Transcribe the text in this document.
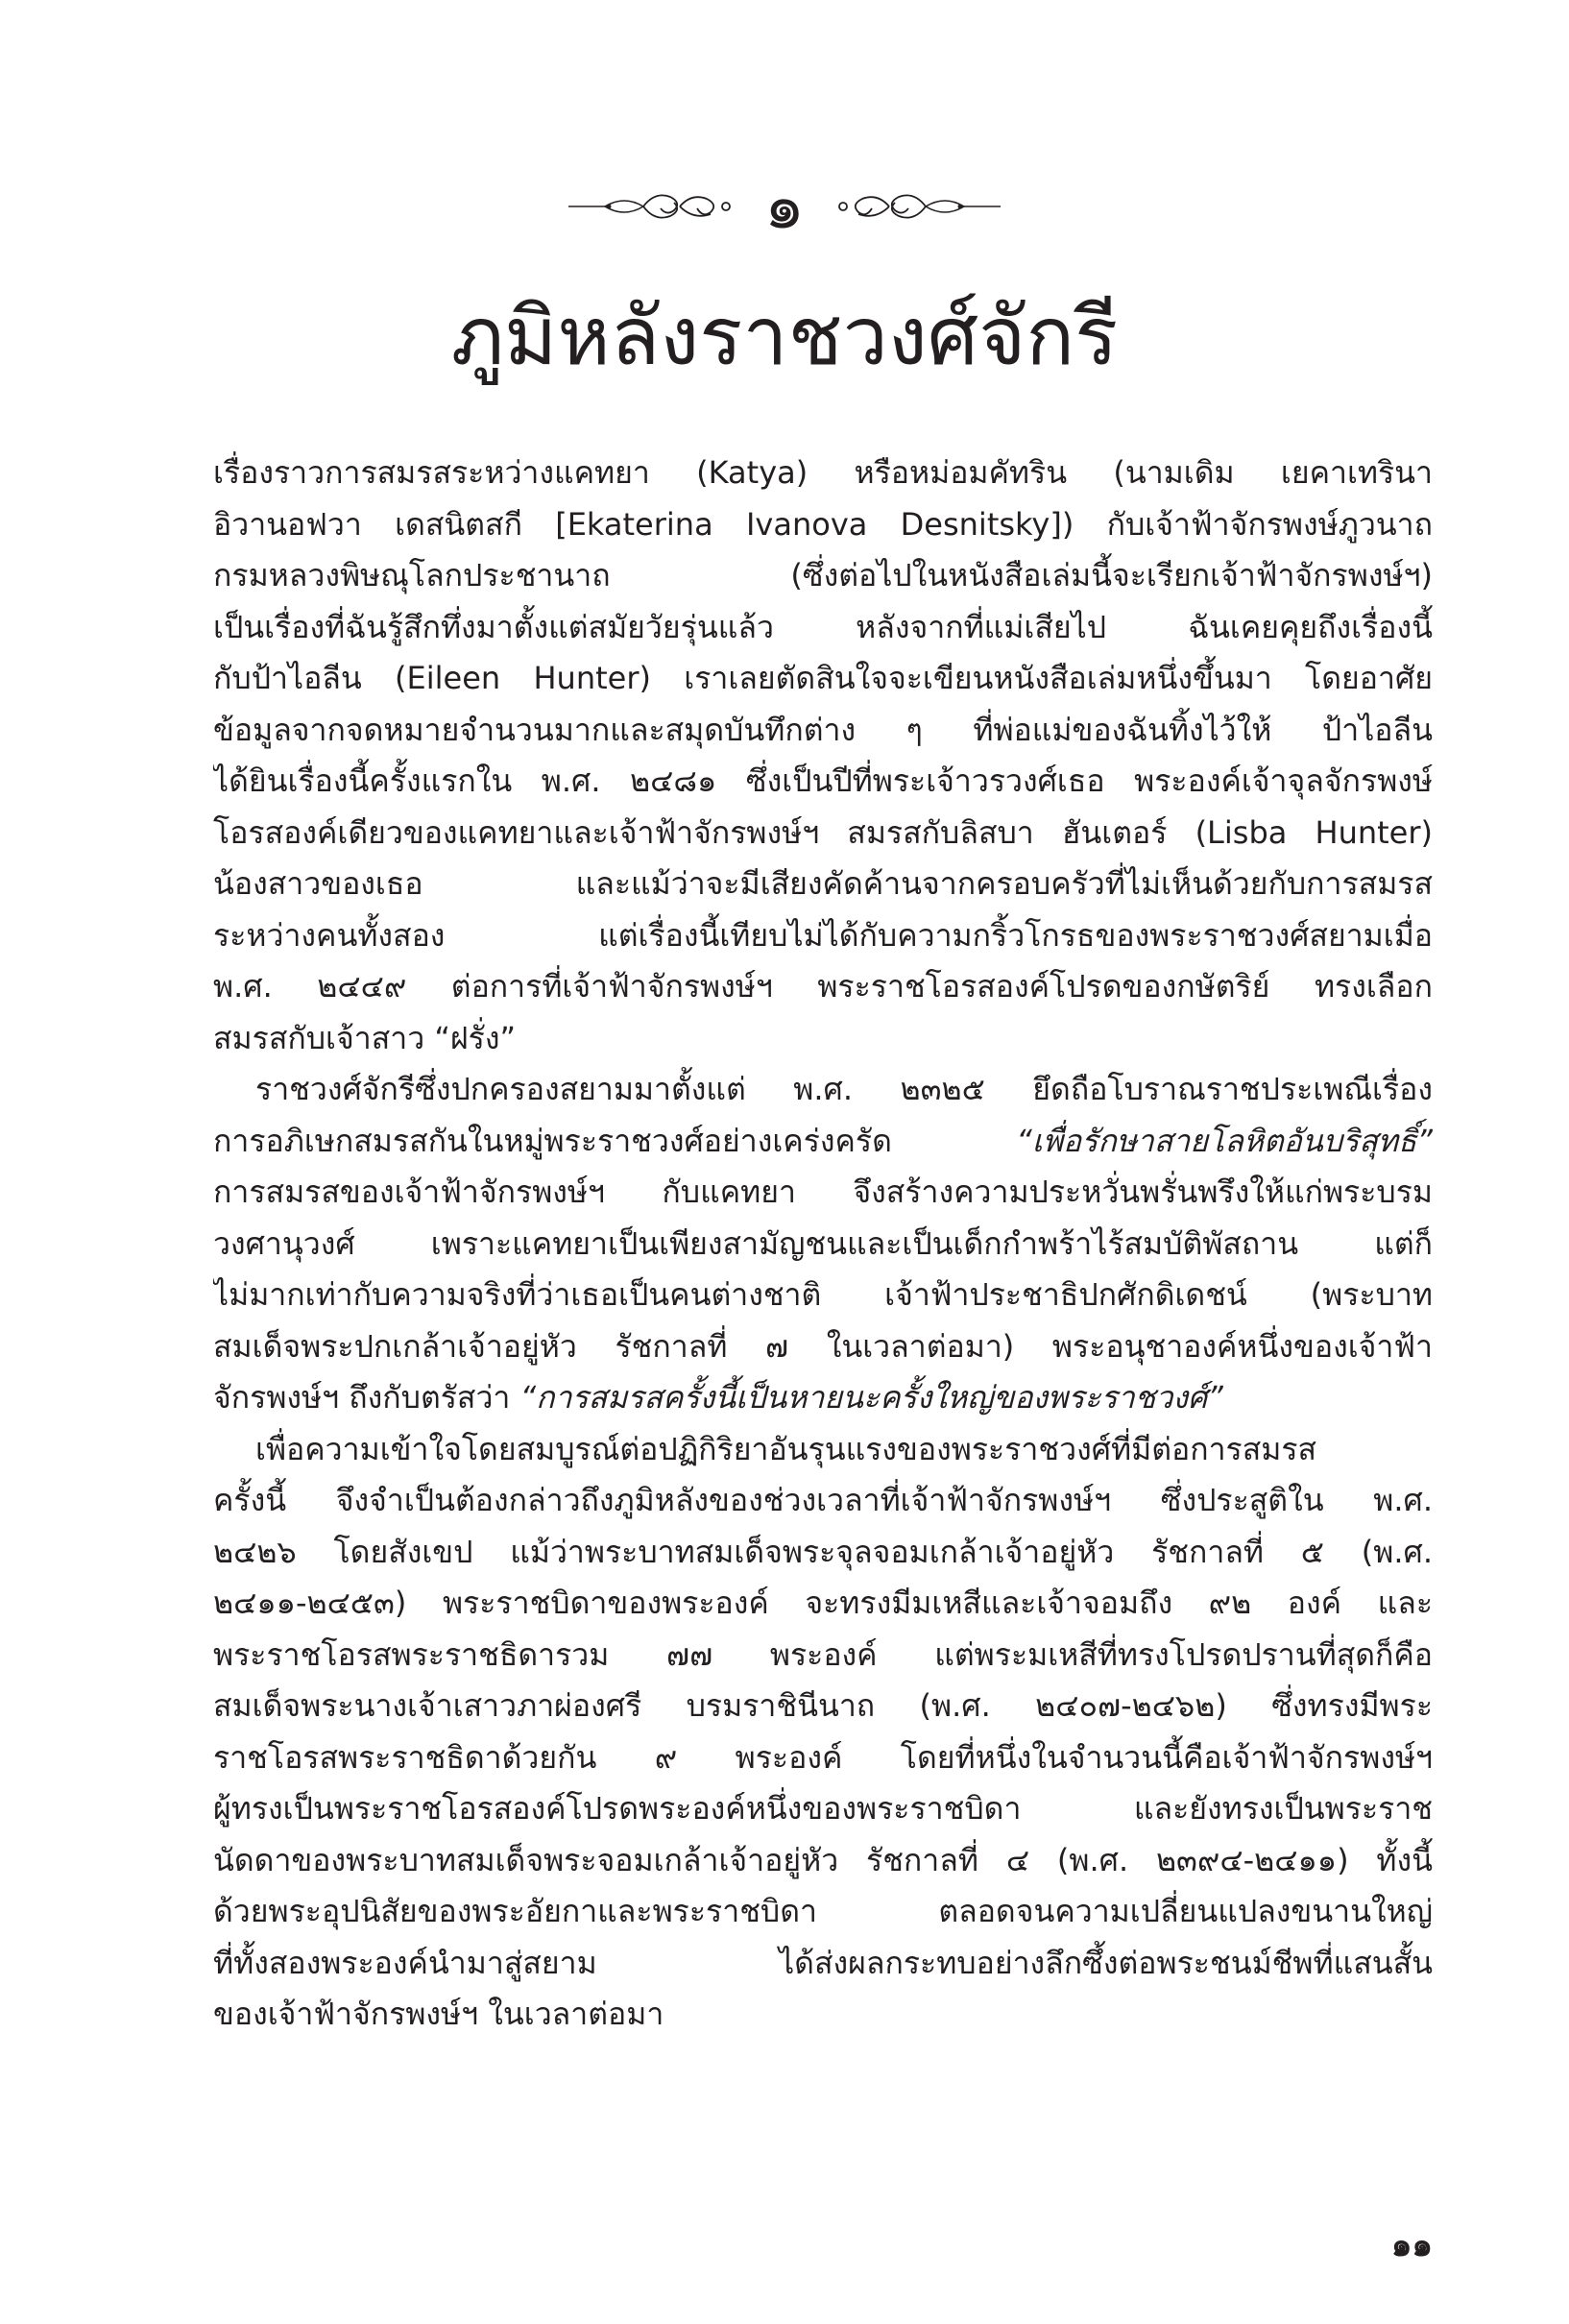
๑
ภูมิหลังราชวงศ์จักรี
เรื่องราวการสมรสระหว่างแคทยา (Katya) หรือหม่อมคัทริน (นามเดิม เยคาเทรินา
อิวานอฟวา เดสนิตสกี [Ekaterina Ivanova Desnitsky]) กับเจ้าฟ้าจักรพงษ์ภูวนาถ
กรมหลวงพิษณุโลกประชานาถ (ซึ่งต่อไปในหนังสือเล่มนี้จะเรียกเจ้าฟ้าจักรพงษ์ฯ)
เป็นเรื่องที่ฉันรู้สึกทึ่งมาตั้งแต่สมัยวัยรุ่นแล้ว หลังจากที่แม่เสียไป ฉันเคยคุยถึงเรื่องนี้
กับป้าไอลีน (Eileen Hunter) เราเลยตัดสินใจจะเขียนหนังสือเล่มหนึ่งขึ้นมา โดยอาศัย
ข้อมูลจากจดหมายจำนวนมากและสมุดบันทึกต่าง ๆ ที่พ่อแม่ของฉันทิ้งไว้ให้ ป้าไอลีน
ได้ยินเรื่องนี้ครั้งแรกใน พ.ศ. ๒๔๘๑ ซึ่งเป็นปีที่พระเจ้าวรวงศ์เธอ พระองค์เจ้าจุลจักรพงษ์
โอรสองค์เดียวของแคทยาและเจ้าฟ้าจักรพงษ์ฯ สมรสกับลิสบา ฮันเตอร์ (Lisba Hunter)
น้องสาวของเธอ และแม้ว่าจะมีเสียงคัดค้านจากครอบครัวที่ไม่เห็นด้วยกับการสมรส
ระหว่างคนทั้งสอง แต่เรื่องนี้เทียบไม่ได้กับความกริ้วโกรธของพระราชวงศ์สยามเมื่อ
พ.ศ. ๒๔๔๙ ต่อการที่เจ้าฟ้าจักรพงษ์ฯ พระราชโอรสองค์โปรดของกษัตริย์ ทรงเลือก
สมรสกับเจ้าสาว “ฝรั่ง”
ราชวงศ์จักรีซึ่งปกครองสยามมาตั้งแต่ พ.ศ. ๒๓๒๕ ยึดถือโบราณราชประเพณีเรื่อง
การอภิเษกสมรสกันในหมู่พระราชวงศ์อย่างเคร่งครัด “เพื่อรักษาสายโลหิตอันบริสุทธิ์”
การสมรสของเจ้าฟ้าจักรพงษ์ฯ กับแคทยา จึงสร้างความประหวั่นพรั่นพรึงให้แก่พระบรม
วงศานุวงศ์ เพราะแคทยาเป็นเพียงสามัญชนและเป็นเด็กกำพร้าไร้สมบัติพัสถาน แต่ก็
ไม่มากเท่ากับความจริงที่ว่าเธอเป็นคนต่างชาติ เจ้าฟ้าประชาธิปกศักดิเดชน์ (พระบาท
สมเด็จพระปกเกล้าเจ้าอยู่หัว รัชกาลที่ ๗ ในเวลาต่อมา) พระอนุชาองค์หนึ่งของเจ้าฟ้า
จักรพงษ์ฯ ถึงกับตรัสว่า “การสมรสครั้งนี้เป็นหายนะครั้งใหญ่ของพระราชวงศ์”
เพื่อความเข้าใจโดยสมบูรณ์ต่อปฏิกิริยาอันรุนแรงของพระราชวงศ์ที่มีต่อการสมรส
ครั้งนี้ จึงจำเป็นต้องกล่าวถึงภูมิหลังของช่วงเวลาที่เจ้าฟ้าจักรพงษ์ฯ ซึ่งประสูติใน พ.ศ.
๒๔๒๖ โดยสังเขป แม้ว่าพระบาทสมเด็จพระจุลจอมเกล้าเจ้าอยู่หัว รัชกาลที่ ๕ (พ.ศ.
๒๔๑๑-๒๔๕๓) พระราชบิดาของพระองค์ จะทรงมีมเหสีและเจ้าจอมถึง ๙๒ องค์ และ
พระราชโอรสพระราชธิดารวม ๗๗ พระองค์ แต่พระมเหสีที่ทรงโปรดปรานที่สุดก็คือ
สมเด็จพระนางเจ้าเสาวภาผ่องศรี บรมราชินีนาถ (พ.ศ. ๒๔๐๗-๒๔๖๒) ซึ่งทรงมีพระ
ราชโอรสพระราชธิดาด้วยกัน ๙ พระองค์ โดยที่หนึ่งในจำนวนนี้คือเจ้าฟ้าจักรพงษ์ฯ
ผู้ทรงเป็นพระราชโอรสองค์โปรดพระองค์หนึ่งของพระราชบิดา และยังทรงเป็นพระราช
นัดดาของพระบาทสมเด็จพระจอมเกล้าเจ้าอยู่หัว รัชกาลที่ ๔ (พ.ศ. ๒๓๙๔-๒๔๑๑) ทั้งนี้
ด้วยพระอุปนิสัยของพระอัยกาและพระราชบิดา ตลอดจนความเปลี่ยนแปลงขนานใหญ่
ที่ทั้งสองพระองค์นำมาสู่สยาม ได้ส่งผลกระทบอย่างลึกซึ้งต่อพระชนม์ชีพที่แสนสั้น
ของเจ้าฟ้าจักรพงษ์ฯ ในเวลาต่อมา
๑๑
